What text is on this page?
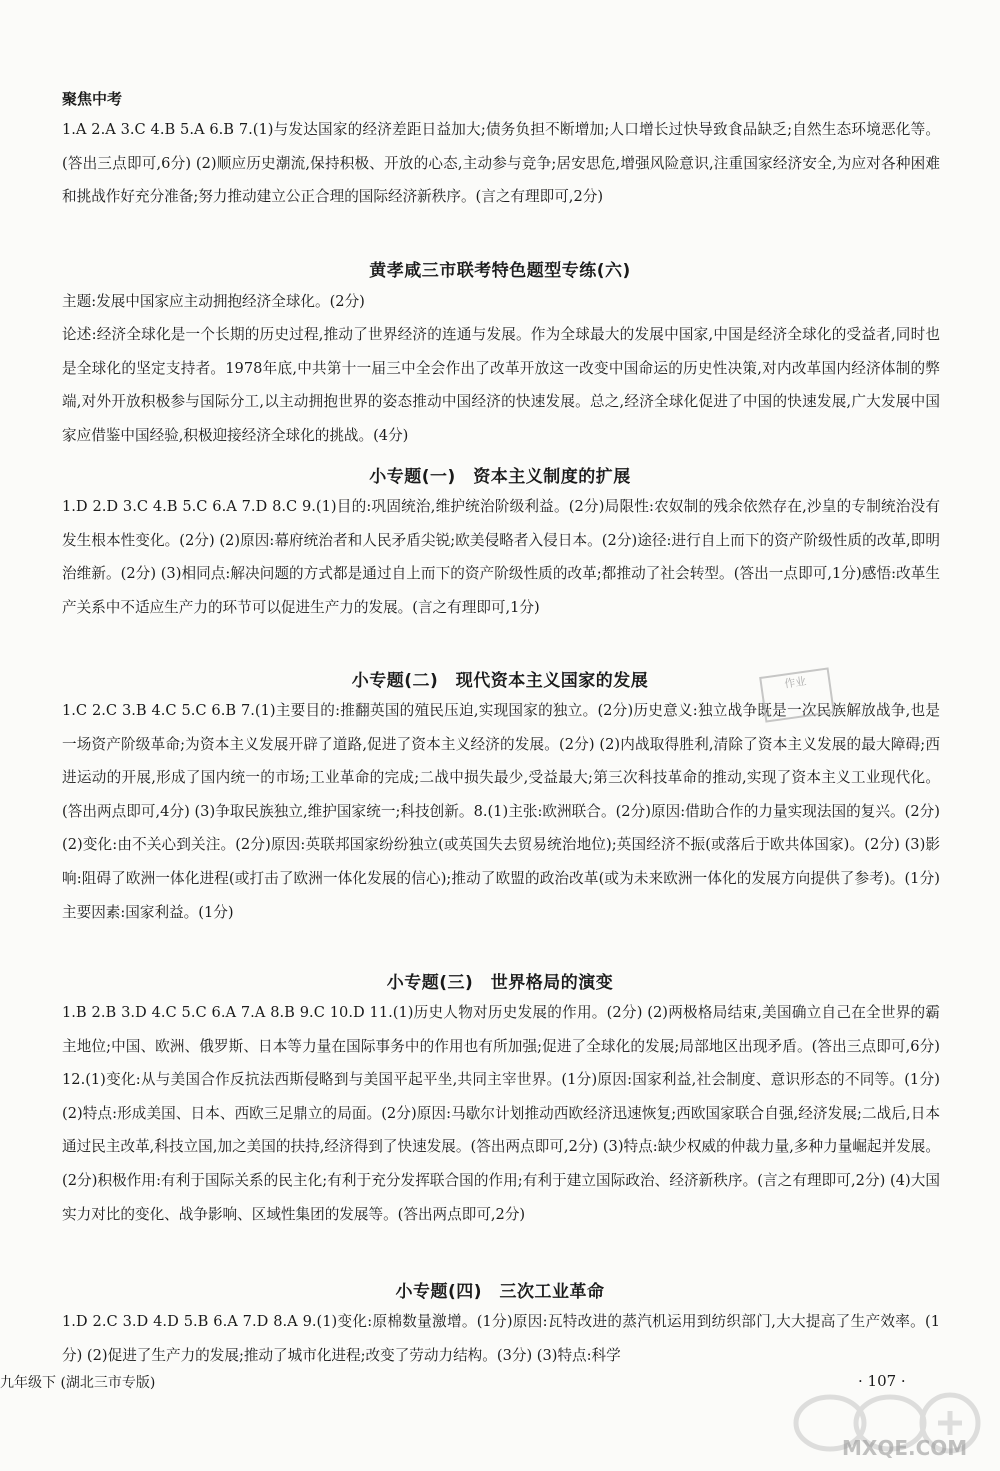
聚焦中考
1.A 2.A 3.C 4.B 5.A 6.B 7.(1)与发达国家的经济差距日益加大;债务负担不断增加;人口增长过快导致食品缺乏;自然生态环境恶化等。(答出三点即可,6分) (2)顺应历史潮流,保持积极、开放的心态,主动参与竞争;居安思危,增强风险意识,注重国家经济安全,为应对各种困难和挑战作好充分准备;努力推动建立公正合理的国际经济新秩序。(言之有理即可,2分)
黄孝咸三市联考特色题型专练(六)
主题:发展中国家应主动拥抱经济全球化。(2分)
论述:经济全球化是一个长期的历史过程,推动了世界经济的连通与发展。作为全球最大的发展中国家,中国是经济全球化的受益者,同时也是全球化的坚定支持者。1978年底,中共第十一届三中全会作出了改革开放这一改变中国命运的历史性决策,对内改革国内经济体制的弊端,对外开放积极参与国际分工,以主动拥抱世界的姿态推动中国经济的快速发展。总之,经济全球化促进了中国的快速发展,广大发展中国家应借鉴中国经验,积极迎接经济全球化的挑战。(4分)
小专题(一)　资本主义制度的扩展
1.D 2.D 3.C 4.B 5.C 6.A 7.D 8.C 9.(1)目的:巩固统治,维护统治阶级利益。(2分)局限性:农奴制的残余依然存在,沙皇的专制统治没有发生根本性变化。(2分) (2)原因:幕府统治者和人民矛盾尖锐;欧美侵略者入侵日本。(2分)途径:进行自上而下的资产阶级性质的改革,即明治维新。(2分) (3)相同点:解决问题的方式都是通过自上而下的资产阶级性质的改革;都推动了社会转型。(答出一点即可,1分)感悟:改革生产关系中不适应生产力的环节可以促进生产力的发展。(言之有理即可,1分)
小专题(二)　现代资本主义国家的发展
1.C 2.C 3.B 4.C 5.C 6.B 7.(1)主要目的:推翻英国的殖民压迫,实现国家的独立。(2分)历史意义:独立战争既是一次民族解放战争,也是一场资产阶级革命;为资本主义发展开辟了道路,促进了资本主义经济的发展。(2分) (2)内战取得胜利,清除了资本主义发展的最大障碍;西进运动的开展,形成了国内统一的市场;工业革命的完成;二战中损失最少,受益最大;第三次科技革命的推动,实现了资本主义工业现代化。(答出两点即可,4分) (3)争取民族独立,维护国家统一;科技创新。8.(1)主张:欧洲联合。(2分)原因:借助合作的力量实现法国的复兴。(2分) (2)变化:由不关心到关注。(2分)原因:英联邦国家纷纷独立(或英国失去贸易统治地位);英国经济不振(或落后于欧共体国家)。(2分) (3)影响:阻碍了欧洲一体化进程(或打击了欧洲一体化发展的信心);推动了欧盟的政治改革(或为未来欧洲一体化的发展方向提供了参考)。(1分)主要因素:国家利益。(1分)
小专题(三)　世界格局的演变
1.B 2.B 3.D 4.C 5.C 6.A 7.A 8.B 9.C 10.D 11.(1)历史人物对历史发展的作用。(2分) (2)两极格局结束,美国确立自己在全世界的霸主地位;中国、欧洲、俄罗斯、日本等力量在国际事务中的作用也有所加强;促进了全球化的发展;局部地区出现矛盾。(答出三点即可,6分) 12.(1)变化:从与美国合作反抗法西斯侵略到与美国平起平坐,共同主宰世界。(1分)原因:国家利益,社会制度、意识形态的不同等。(1分) (2)特点:形成美国、日本、西欧三足鼎立的局面。(2分)原因:马歇尔计划推动西欧经济迅速恢复;西欧国家联合自强,经济发展;二战后,日本通过民主改革,科技立国,加之美国的扶持,经济得到了快速发展。(答出两点即可,2分) (3)特点:缺少权威的仲裁力量,多种力量崛起并发展。(2分)积极作用:有利于国际关系的民主化;有利于充分发挥联合国的作用;有利于建立国际政治、经济新秩序。(言之有理即可,2分) (4)大国实力对比的变化、战争影响、区域性集团的发展等。(答出两点即可,2分)
小专题(四)　三次工业革命
1.D 2.C 3.D 4.D 5.B 6.A 7.D 8.A 9.(1)变化:原棉数量激增。(1分)原因:瓦特改进的蒸汽机运用到纺织部门,大大提高了生产效率。(1分) (2)促进了生产力的发展;推动了城市化进程;改变了劳动力结构。(3分) (3)特点:科学
九年级下 (湖北三市专版)	· 107 ·
作业
MXQE.COM
